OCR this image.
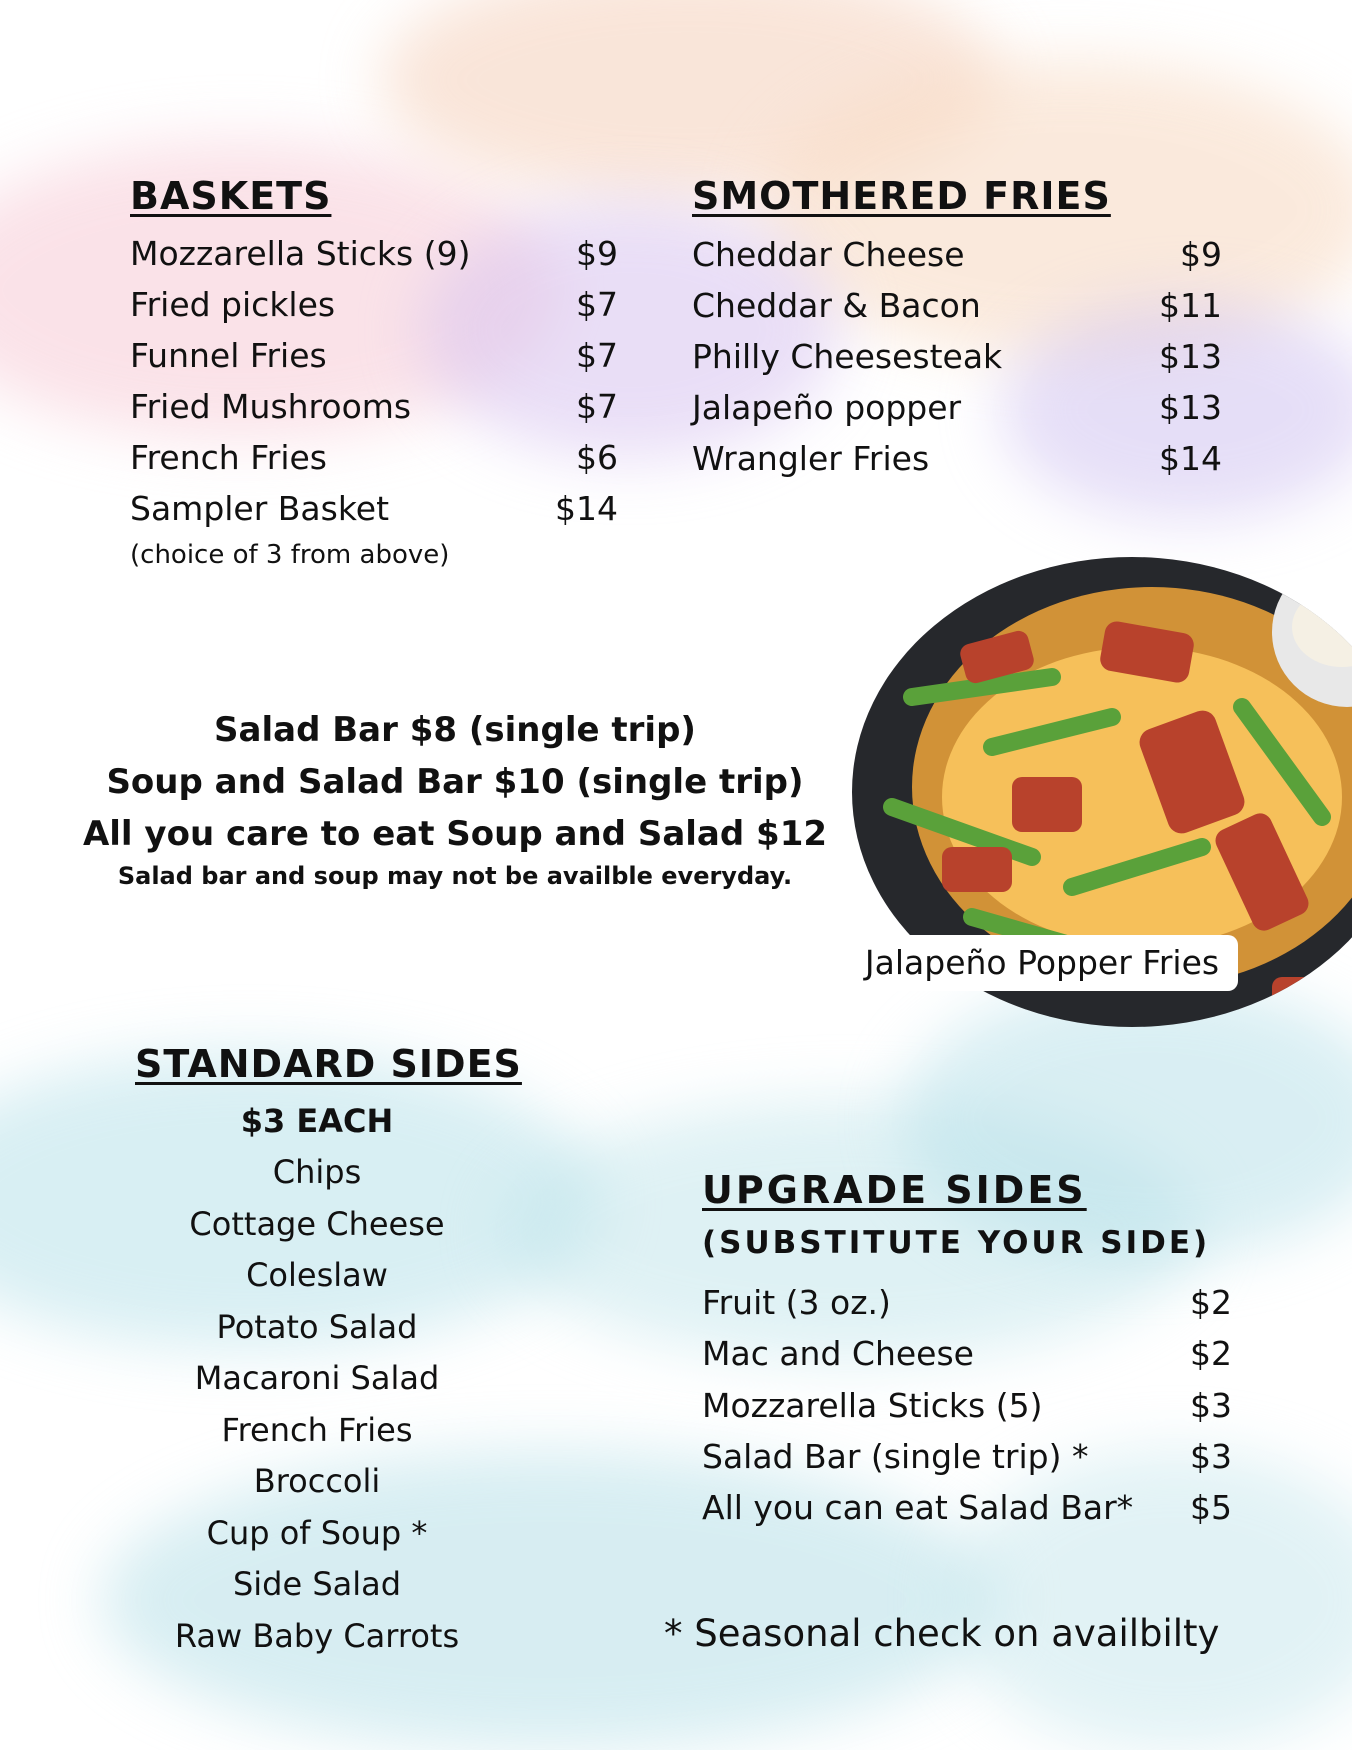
BASKETS
Mozzarella Sticks (9)	$9
Fried pickles	$7
Funnel Fries	$7
Fried Mushrooms	$7
French Fries	$6
Sampler Basket	$14
(choice of 3 from above)
SMOTHERED FRIES
Cheddar Cheese	$9
Cheddar & Bacon	$11
Philly Cheesesteak	$13
Jalapeño popper	$13
Wrangler Fries	$14
Salad Bar $8 (single trip)
Soup and Salad Bar $10 (single trip)
All you care to eat Soup and Salad $12
Salad bar and soup may not be availble everyday.
Jalapeño Popper Fries
STANDARD SIDES
$3 EACH
Chips
Cottage Cheese
Coleslaw
Potato Salad
Macaroni Salad
French Fries
Broccoli
Cup of Soup *
Side Salad
Raw Baby Carrots
UPGRADE SIDES
(SUBSTITUTE YOUR SIDE)
Fruit (3 oz.)	$2
Mac and Cheese	$2
Mozzarella Sticks (5)	$3
Salad Bar (single trip) *	$3
All you can eat Salad Bar* $5
* Seasonal check on availbilty
